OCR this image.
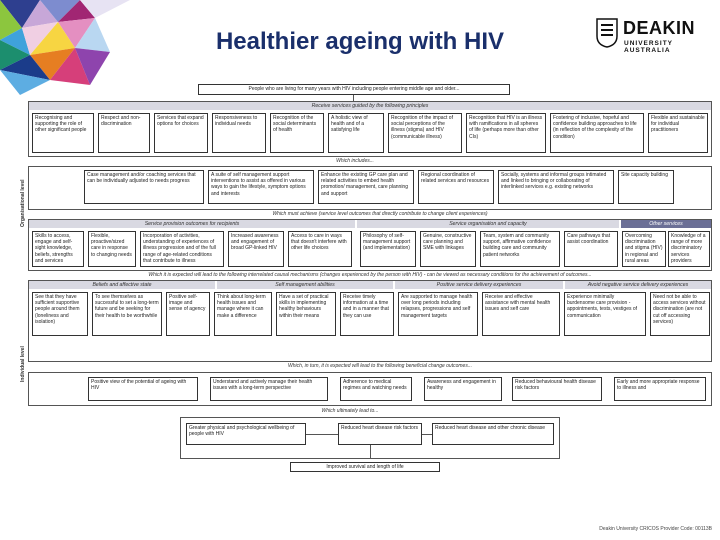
Healthier ageing with HIV	DEAKIN
UNIVERSITY AUSTRALIA
Organisational level
Individual level
People who are living for many years with HIV including people entering middle age and older...
Receive services guided by the following principles
Recognising and supporting the role of other significant people
Respect and non-discrimination
Services that expand options for choices
Responsiveness to individual needs
Recognition of the social determinants of health
A holistic view of health and of a satisfying life
Recognition of the impact of social perceptions of the illness (stigma) and HIV (communicable illness)
Recognition that HIV is an illness with ramifications in all spheres of life (perhaps more than other CIs)
Fostering of inclusive, hopeful and confidence building approaches to life (in reflection of the complexity of the condition)
Flexible and sustainable for individual practitioners
Which includes...
Case management and/or coaching services that can be individually adjusted to needs progress
A suite of self management support interventions to assist as offered in various ways to gain the lifestyle, symptom options and interests
Enhance the existing GP care plan and related activities to embed health promotion/ management, care planning and support
Regional coordination of related services and resources
Socially, systems and informal groups intimated and linked to bringing or collaborating of interlinked services e.g. existing networks
Site capacity building
Which must achieve (service level outcomes that directly contribute to change client experiences)
Service provision outcomes for recipients	Service organisation and capacity	Other services
Skills to access, engage and self-sight knowledge, beliefs, strengths and services
Flexible, proactive/sized care in response to changing needs
Incorporation of activities, understanding of experiences of illness progression and of the full range of age-related conditions that contribute to illness
Increased awareness and engagement of broad GP-linked HIV
Access to care in ways that doesn't interfere with other life choices
Philosophy of self-management support (and implementation)
Genuine, constructive care planning and SME with linkages
Team, system and community support, affirmative confidence building care and community patient networks
Care pathways that assist coordination
Overcoming discrimination and stigma (HIV) in regional and rural areas
Knowledge of a range of more discriminatory services providers
Which it is expected will lead to the following interrelated causal mechanisms (changes experienced by the person with HIV) - can be viewed as necessary conditions for the achievement of outcomes...
Beliefs and affective state	Self management abilities	Positive service delivery experiences	Avoid negative service delivery experiences
See that they have sufficient supportive people around them (loneliness and isolation)
To see themselves as successful to set a long-term future and be seeking for their health to be worthwhile
Positive self-image and sense of agency
Think about long-term health issues and manage where it can make a difference
Have a set of practical skills in implementing healthy behaviours within their means
Receive timely information at a time and in a manner that they can use
Are supported to manage health over long periods including relapses, progressions and self management targets
Receive and effective assistance with mental health issues and self care
Experience minimally burdensome care provision - appointments, tests, vestiges of communication
Need not be able to access services without discrimination (are not cut off accessing services)
Which, in turn, it is expected will lead to the following beneficial change outcomes...
Positive view of the potential of ageing with HIV
Understand and actively manage their health issues with a long-term perspective
Adherence to medical regimes and watching needs
Awareness and engagement in healthy
Reduced behavioural health disease risk factors
Early and more appropriate response to illness and
Which ultimately lead to...
Greater physical and psychological wellbeing of people with HIV
Reduced heart disease risk factors	Reduced heart disease and other chronic disease
Improved survival and length of life
Deakin University CRICOS Provider Code: 00113B
